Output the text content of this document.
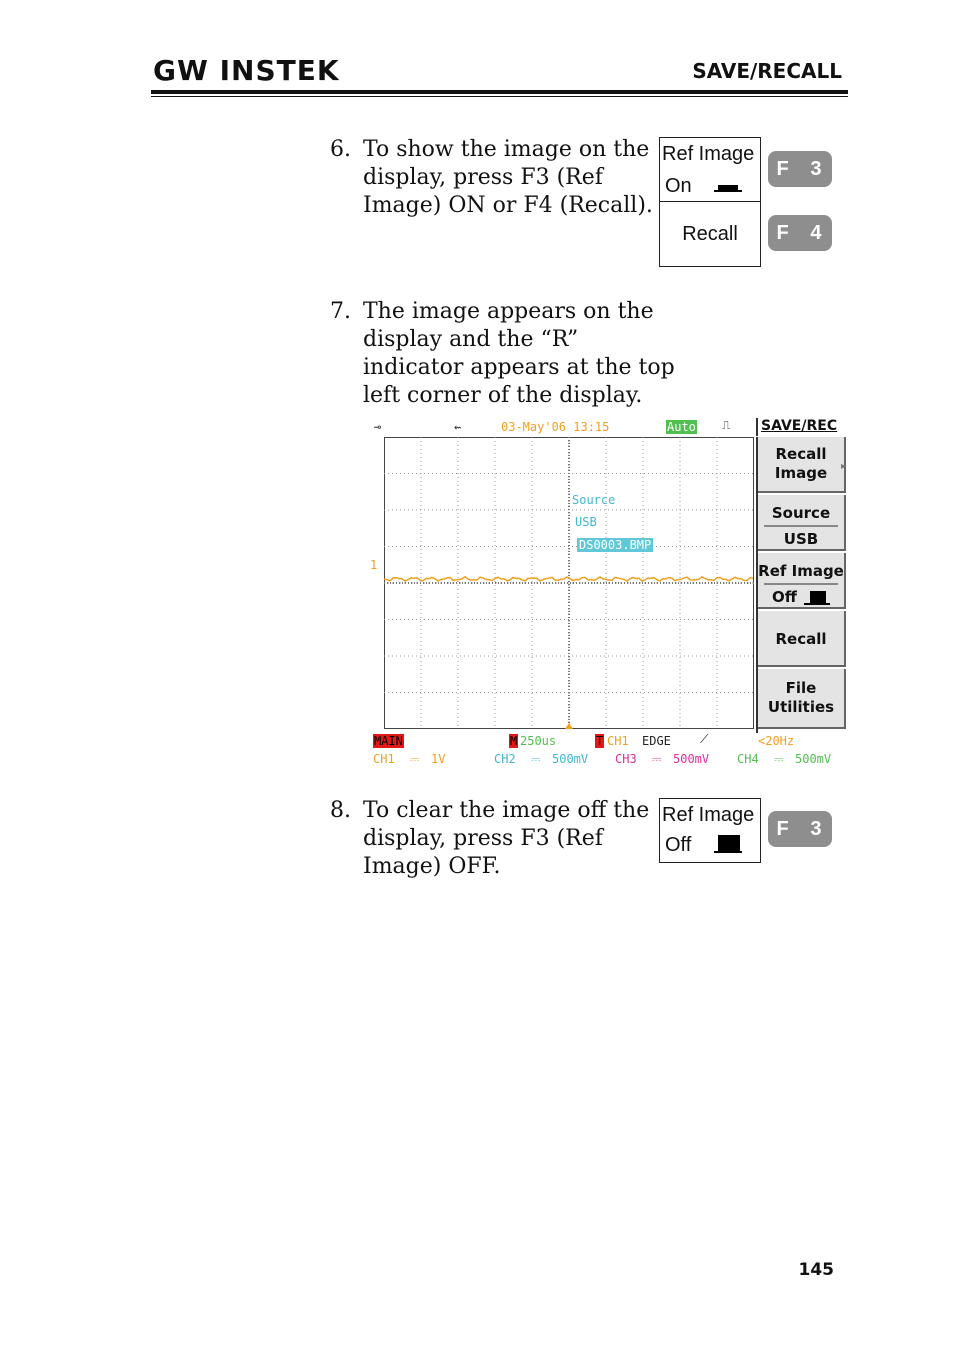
GW INSTEK	SAVE/RECALL
6. To show the image on the
display, press F3 (Ref
Image) ON or F4 (Recall).
Ref Image
On
Recall
F 3
F 4
7. The image appears on the
display and the “R”
indicator appears at the top
left corner of the display.
⊸	⇜	03-May'06 13:15	Auto ⎍	SAVE/REC
Source
USB
DS0003.BMP
1
Recall
Image	▸
Source
USB
Ref Image
Off
Recall
File
Utilities
MAIN	M 250us	T CH1 EDGE ⟋	<20Hz
CH1 ⎓ 1V	CH2 ⎓ 500mV CH3 ⎓ 500mV CH4 ⎓ 500mV
8. To clear the image off the
display, press F3 (Ref
Image) OFF.
Ref Image
Off
F 3
145
